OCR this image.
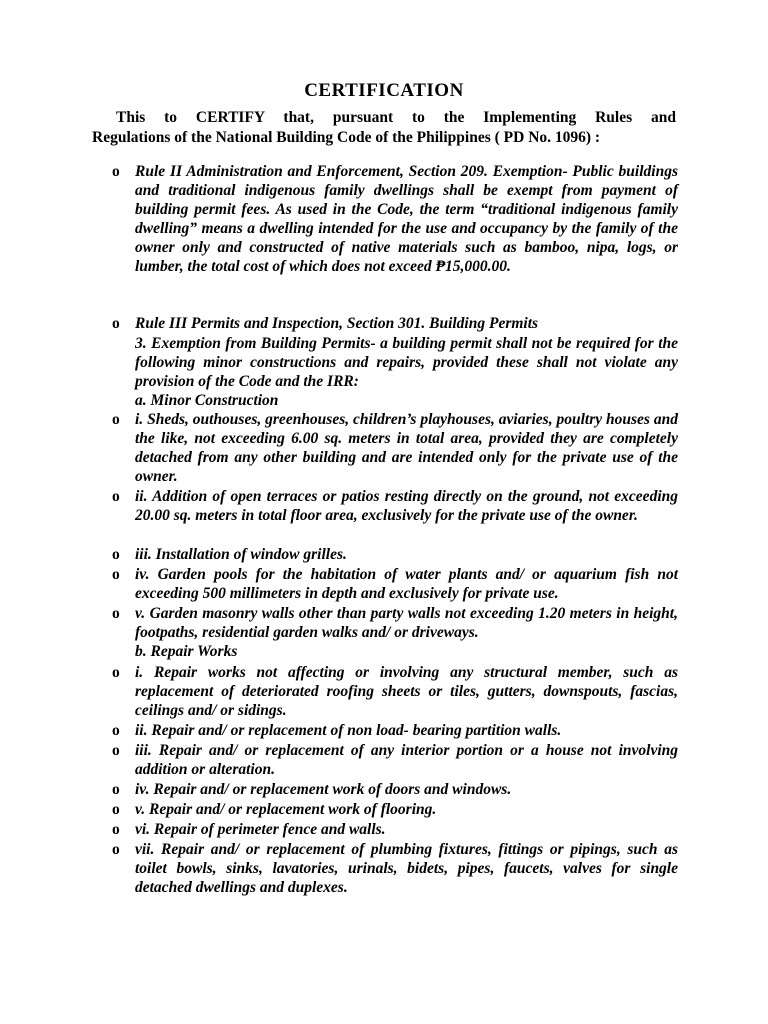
CERTIFICATION
This to CERTIFY that, pursuant to the Implementing Rules and
Regulations of the National Building Code of the Philippines ( PD No. 1096) :
o Rule II Administration and Enforcement, Section 209. Exemption- Public buildings and traditional indigenous family dwellings shall be exempt from payment of building permit fees. As used in the Code, the term “traditional indigenous family dwelling” means a dwelling intended for the use and occupancy by the family of the owner only and constructed of native materials such as bamboo, nipa, logs, or lumber, the total cost of which does not exceed ₱15,000.00.
o Rule III Permits and Inspection, Section 301. Building Permits
3. Exemption from Building Permits- a building permit shall not be required for the following minor constructions and repairs, provided these shall not violate any provision of the Code and the IRR:
a. Minor Construction
o i. Sheds, outhouses, greenhouses, children’s playhouses, aviaries, poultry houses and the like, not exceeding 6.00 sq. meters in total area, provided they are completely detached from any other building and are intended only for the private use of the owner.
o ii. Addition of open terraces or patios resting directly on the ground, not exceeding 20.00 sq. meters in total floor area, exclusively for the private use of the owner.
o iii. Installation of window grilles.
o iv. Garden pools for the habitation of water plants and/ or aquarium fish not exceeding 500 millimeters in depth and exclusively for private use.
o v. Garden masonry walls other than party walls not exceeding 1.20 meters in height, footpaths, residential garden walks and/ or driveways.
b. Repair Works
o i. Repair works not affecting or involving any structural member, such as replacement of deteriorated roofing sheets or tiles, gutters, downspouts, fascias, ceilings and/ or sidings.
o ii. Repair and/ or replacement of non load- bearing partition walls.
o iii. Repair and/ or replacement of any interior portion or a house not involving addition or alteration.
o iv. Repair and/ or replacement work of doors and windows.
o v. Repair and/ or replacement work of flooring.
o vi. Repair of perimeter fence and walls.
o vii. Repair and/ or replacement of plumbing fixtures, fittings or pipings, such as toilet bowls, sinks, lavatories, urinals, bidets, pipes, faucets, valves for single detached dwellings and duplexes.
